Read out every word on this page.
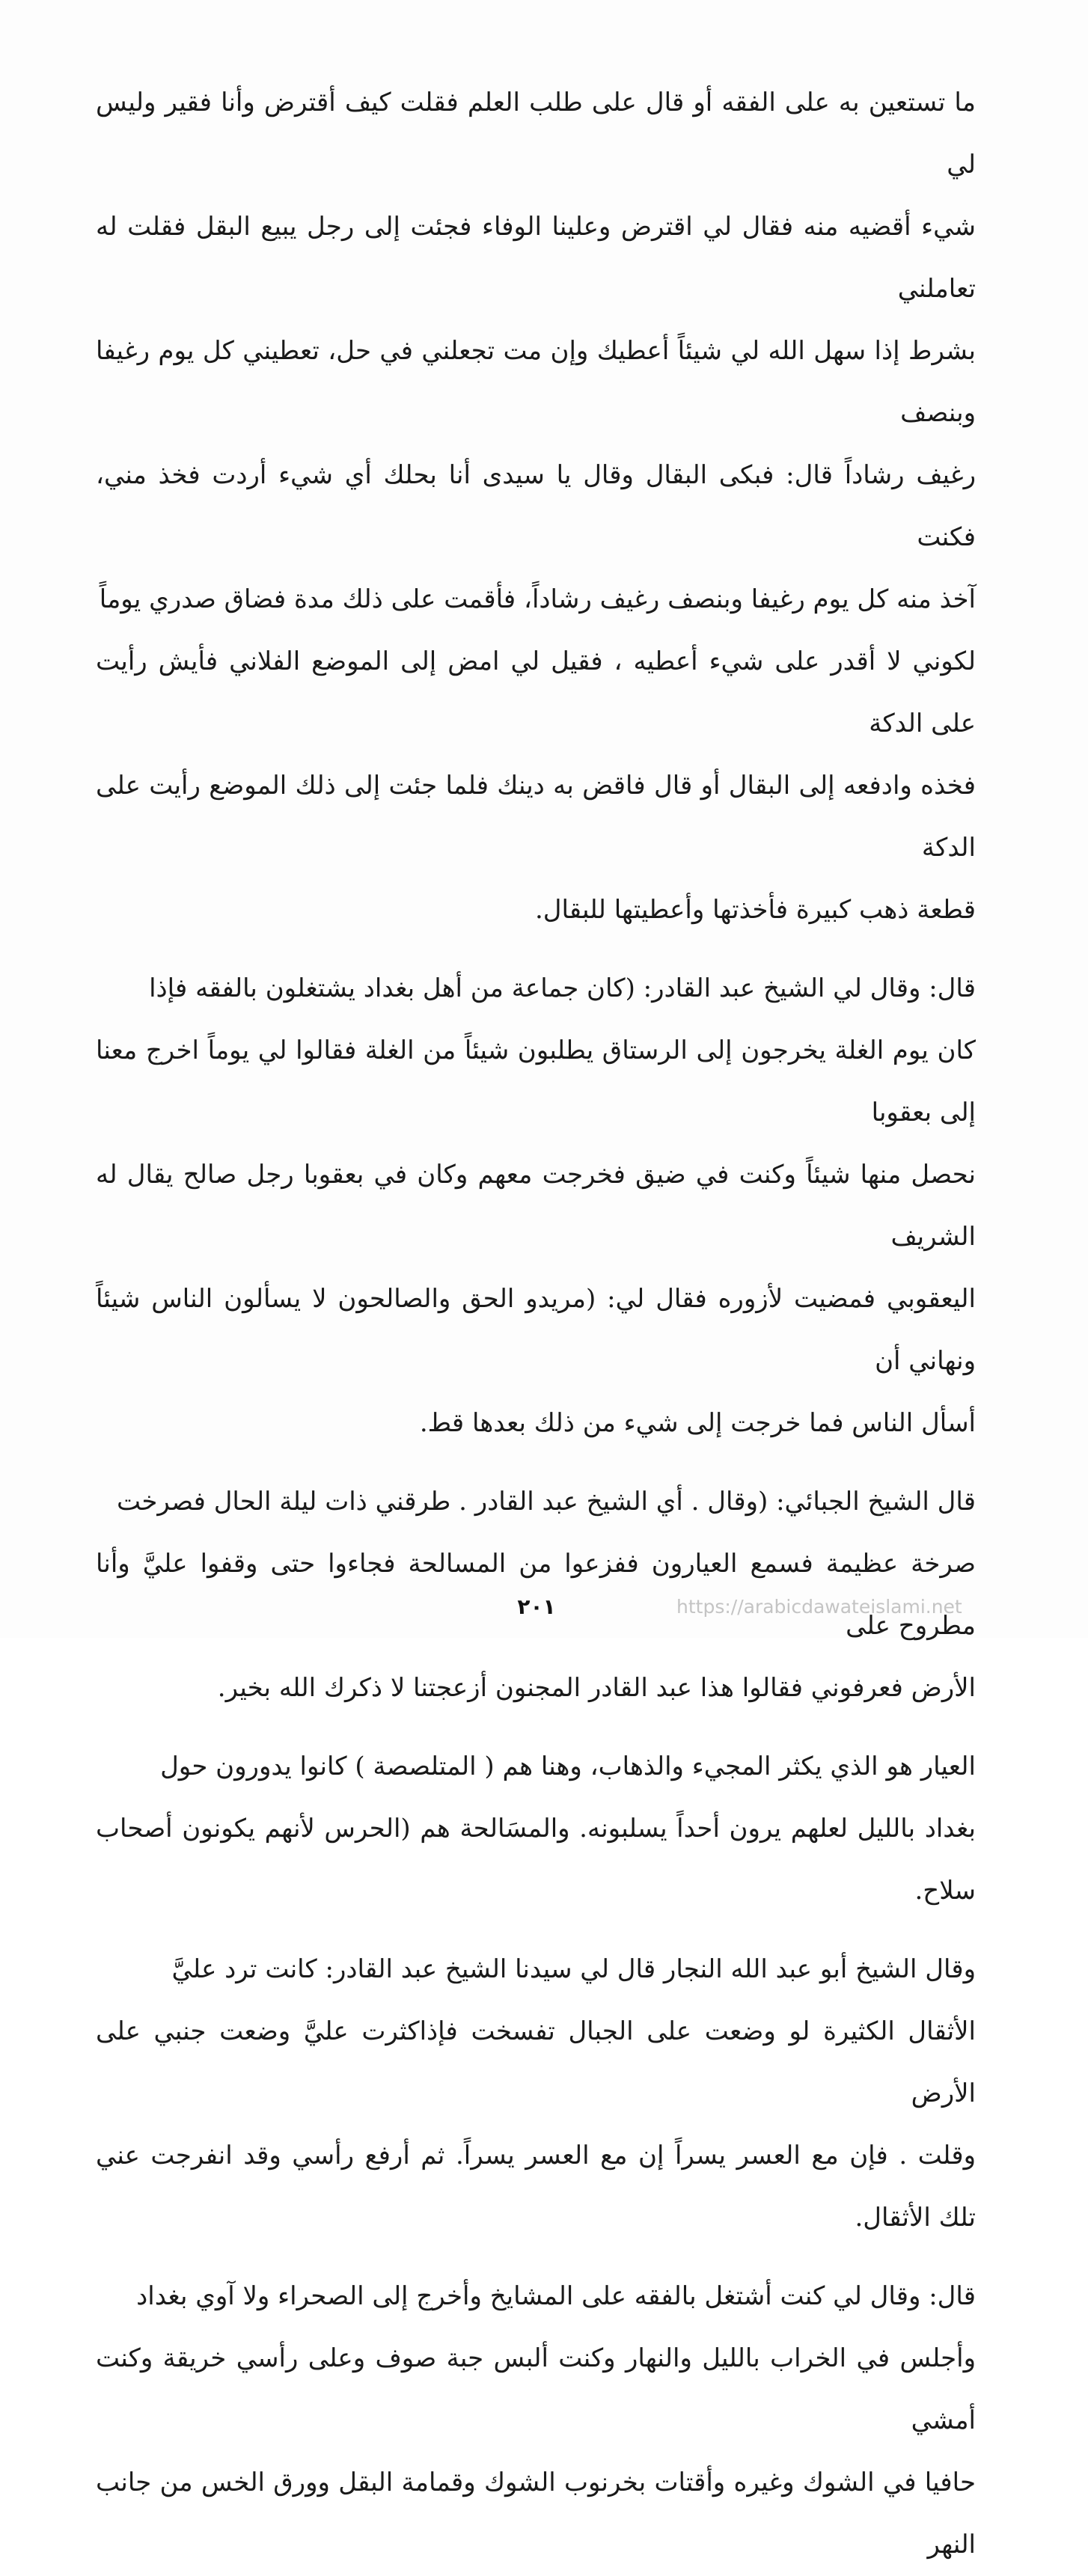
ما تستعين به على الفقه أو قال على طلب العلم فقلت كيف أقترض وأنا فقير وليس لي
شيء أقضيه منه فقال لي اقترض وعلينا الوفاء فجئت إلى رجل يبيع البقل فقلت له تعاملني
بشرط إذا سهل الله لي شيئاً أعطيك وإن مت تجعلني في حل، تعطيني كل يوم رغيفا وبنصف
رغيف رشاداً قال: فبكى البقال وقال يا سيدى أنا بحلك أي شيء أردت فخذ مني، فكنت
آخذ منه كل يوم رغيفا وبنصف رغيف رشاداً، فأقمت على ذلك مدة فضاق صدري يوماً
لكوني لا أقدر على شيء أعطيه ، فقيل لي امض إلى الموضع الفلاني فأيش رأيت على الدكة
فخذه وادفعه إلى البقال أو قال فاقض به دينك فلما جئت إلى ذلك الموضع رأيت على الدكة
قطعة ذهب كبيرة فأخذتها وأعطيتها للبقال.

قال: وقال لي الشيخ عبد القادر: (كان جماعة من أهل بغداد يشتغلون بالفقه فإذا
كان يوم الغلة يخرجون إلى الرستاق يطلبون شيئاً من الغلة فقالوا لي يوماً اخرج معنا إلى بعقوبا
نحصل منها شيئاً وكنت في ضيق فخرجت معهم وكان في بعقوبا رجل صالح يقال له الشريف
اليعقوبي فمضيت لأزوره فقال لي: (مريدو الحق والصالحون لا يسألون الناس شيئاً ونهاني أن
أسأل الناس فما خرجت إلى شيء من ذلك بعدها قط.

قال الشيخ الجبائي: (وقال . أي الشيخ عبد القادر . طرقني ذات ليلة الحال فصرخت
صرخة عظيمة فسمع العيارون ففزعوا من المسالحة فجاءوا حتى وقفوا عليَّ وأنا مطروح على
الأرض فعرفوني فقالوا هذا عبد القادر المجنون أزعجتنا لا ذكرك الله بخير.

العيار هو الذي يكثر المجيء والذهاب، وهنا هم ( المتلصصة ) كانوا يدورون حول
بغداد بالليل لعلهم يرون أحداً يسلبونه. والمسَالحة هم (الحرس لأنهم يكونون أصحاب سلاح.

وقال الشيخ أبو عبد الله النجار قال لي سيدنا الشيخ عبد القادر: كانت ترد عليَّ
الأثقال الكثيرة لو وضعت على الجبال تفسخت فإذاكثرت عليَّ وضعت جنبي على الأرض
وقلت . فإن مع العسر يسراً إن مع العسر يسراً. ثم أرفع رأسي وقد انفرجت عني تلك الأثقال.

قال: وقال لي كنت أشتغل بالفقه على المشايخ وأخرج إلى الصحراء ولا آوي بغداد
وأجلس في الخراب بالليل والنهار وكنت ألبس جبة صوف وعلى رأسي خريقة وكنت أمشي
حافيا في الشوك وغيره وأقتات بخرنوب الشوك وقمامة البقل وورق الخس من جانب النهر

٢٠١	https://arabicdawateislami.net
